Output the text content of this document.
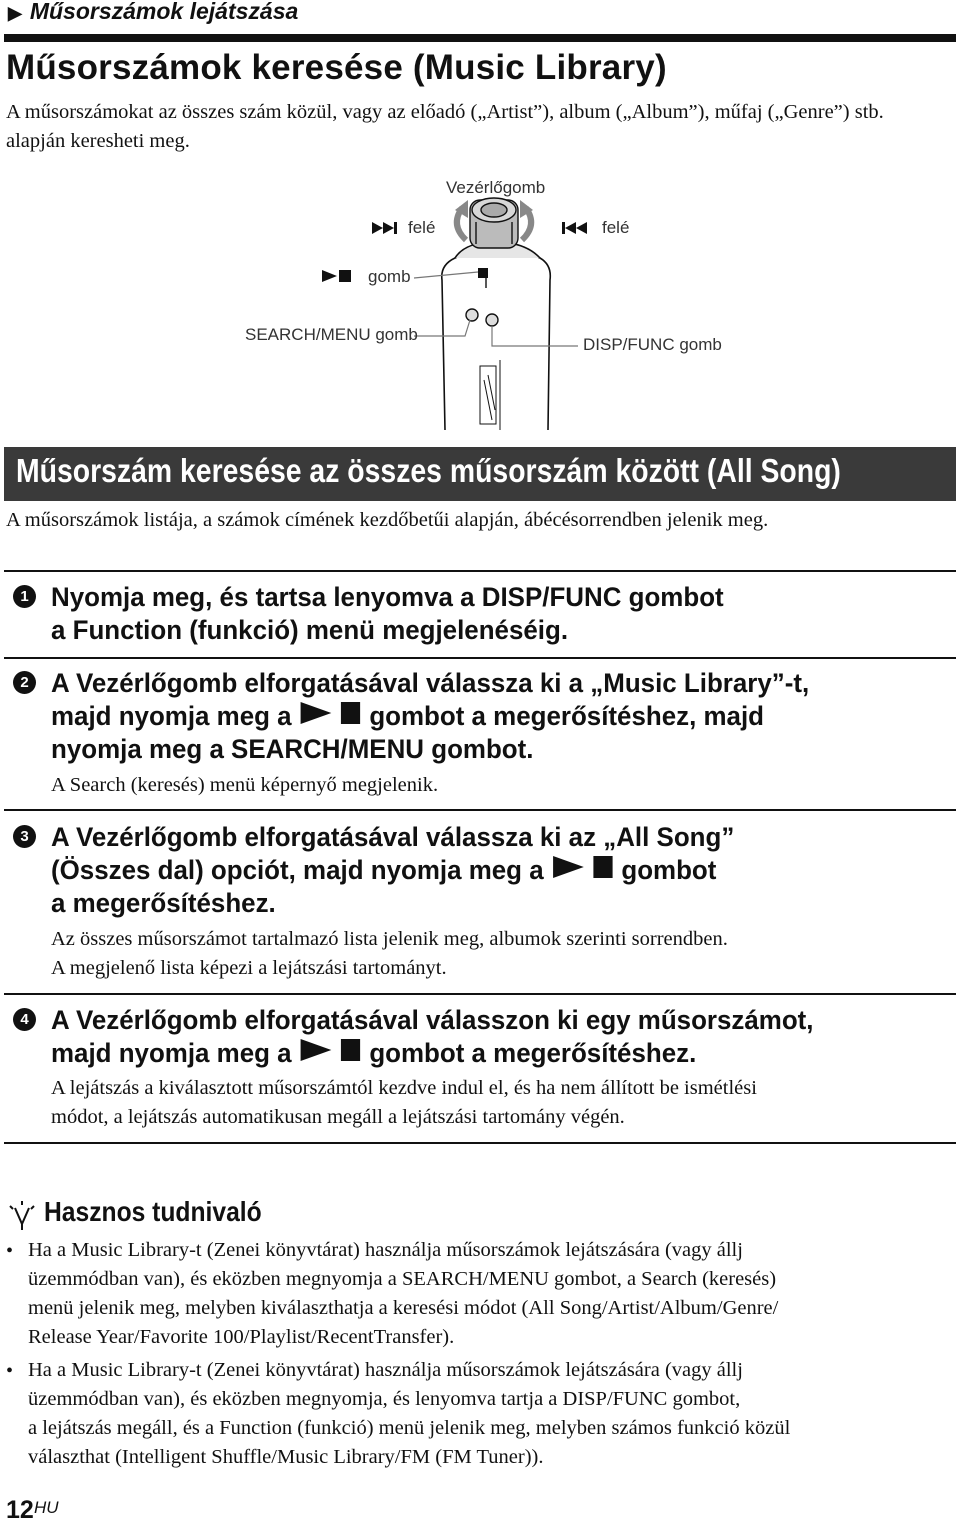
▶ Műsorszámok lejátszása
Műsorszámok keresése (Music Library)
A műsorszámokat az összes szám közül, vagy az előadó („Artist”), album („Album”), műfaj („Genre”) stb. alapján keresheti meg.
Vezérlőgomb
felé	felé
gomb
SEARCH/MENU gomb
DISP/FUNC gomb
Műsorszám keresése az összes műsorszám között (All Song)
A műsorszámok listája, a számok címének kezdőbetűi alapján, ábécésorrendben jelenik meg.
1 Nyomja meg, és tartsa lenyomva a DISP/FUNC gombot
a Function (funkció) menü megjelenéséig.
2 A Vezérlőgomb elforgatásával válassza ki a „Music Library”-t,
majd nyomja meg a  gombot a megerősítéshez, majd
nyomja meg a SEARCH/MENU gombot.
A Search (keresés) menü képernyő megjelenik.
3 A Vezérlőgomb elforgatásával válassza ki az „All Song”
(Összes dal) opciót, majd nyomja meg a  gombot
a megerősítéshez.
Az összes műsorszámot tartalmazó lista jelenik meg, albumok szerinti sorrendben.
A megjelenő lista képezi a lejátszási tartományt.
4 A Vezérlőgomb elforgatásával válasszon ki egy műsorszámot,
majd nyomja meg a  gombot a megerősítéshez.
A lejátszás a kiválasztott műsorszámtól kezdve indul el, és ha nem állított be ismétlési
módot, a lejátszás automatikusan megáll a lejátszási tartomány végén.
Hasznos tudnivaló
• Ha a Music Library-t (Zenei könyvtárat) használja műsorszámok lejátszására (vagy állj
üzemmódban van), és eközben megnyomja a SEARCH/MENU gombot, a Search (keresés)
menü jelenik meg, melyben kiválaszthatja a keresési módot (All Song/Artist/Album/Genre/
Release Year/Favorite 100/Playlist/RecentTransfer).
• Ha a Music Library-t (Zenei könyvtárat) használja műsorszámok lejátszására (vagy állj
üzemmódban van), és eközben megnyomja, és lenyomva tartja a DISP/FUNC gombot,
a lejátszás megáll, és a Function (funkció) menü jelenik meg, melyben számos funkció közül
választhat (Intelligent Shuffle/Music Library/FM (FM Tuner)).
12 HU
